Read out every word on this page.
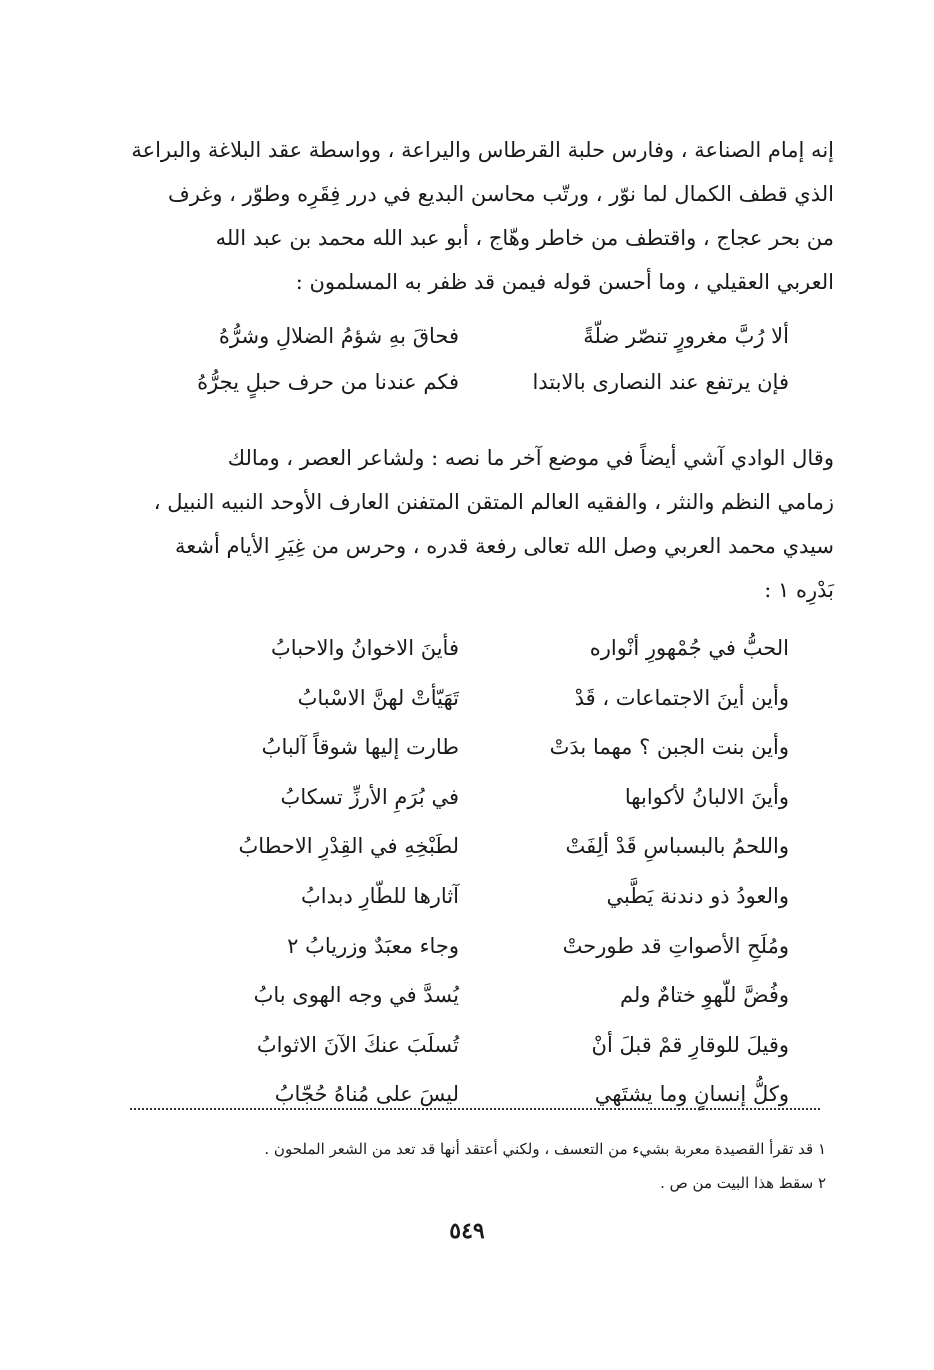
إنه إمام الصناعة ، وفارس حلبة القرطاس واليراعة ، وواسطة عقد البلاغة والبراعة
الذي قطف الكمال لما نوّر ، ورتّب محاسن البديع في درر فِقَرِه وطوّر ، وغرف
من بحر عجاج ، واقتطف من خاطر وهّاج ، أبو عبد الله محمد بن عبد الله
العربي العقيلي ، وما أحسن قوله فيمن قد ظفر به المسلمون :
ألا رُبَّ مغرورٍ تنصّر ضلّةً
فحاقَ بهِ شؤمُ الضلالِ وشرُّهُ
فإن يرتفع عند النصارى بالابتدا
فكم عندنا من حرف حبلٍ يجرُّهُ
وقال الوادي آشي أيضاً في موضع آخر ما نصه : ولشاعر العصر ، ومالك
زمامي النظم والنثر ، والفقيه العالم المتقن المتفنن العارف الأوحد النبيه النبيل ،
سيدي محمد العربي وصل الله تعالى رفعة قدره ، وحرس من غِيَرِ الأيام أشعة
بَدْرِه ١ :
الحبُّ في جُمْهورِ أنْواره
فأينَ الاخوانُ والاحبابُ
وأين أينَ الاجتماعات ، قَدْ
تَهَيّأتْ لهنَّ الاسْبابُ
وأين بنت الجبن ؟ مهما بدَتْ
طارت إليها شوقاً آلبابُ
وأينَ الالبانُ لأكوابها
في بُرَمِ الأرزِّ تسكابُ
واللحمُ بالبسباسِ قَدْ ألِفَتْ
لطَبْخِهِ في القِدْرِ الاحطابُ
والعودُ ذو دندنة يَطَّبي
آثارها للطّارِ دبدابُ
ومُلَحِ الأصواتِ قد طورحتْ
وجاء معبَدٌ وزريابُ ٢
وفُضَّ للّهوِ ختامٌ ولم
يُسدَّ في وجه الهوى بابُ
وقيلَ للوقارِ قمْ قبلَ أنْ
تُسلَبَ عنكَ الآنَ الاثوابُ
وكلُّ إنسانٍ وما يشتَهي
ليسَ على مُناهُ حُجّابُ
١ قد تقرأ القصيدة معربة بشيء من التعسف ، ولكني أعتقد أنها قد تعد من الشعر الملحون .
٢ سقط هذا البيت من ص .
٥٤٩
